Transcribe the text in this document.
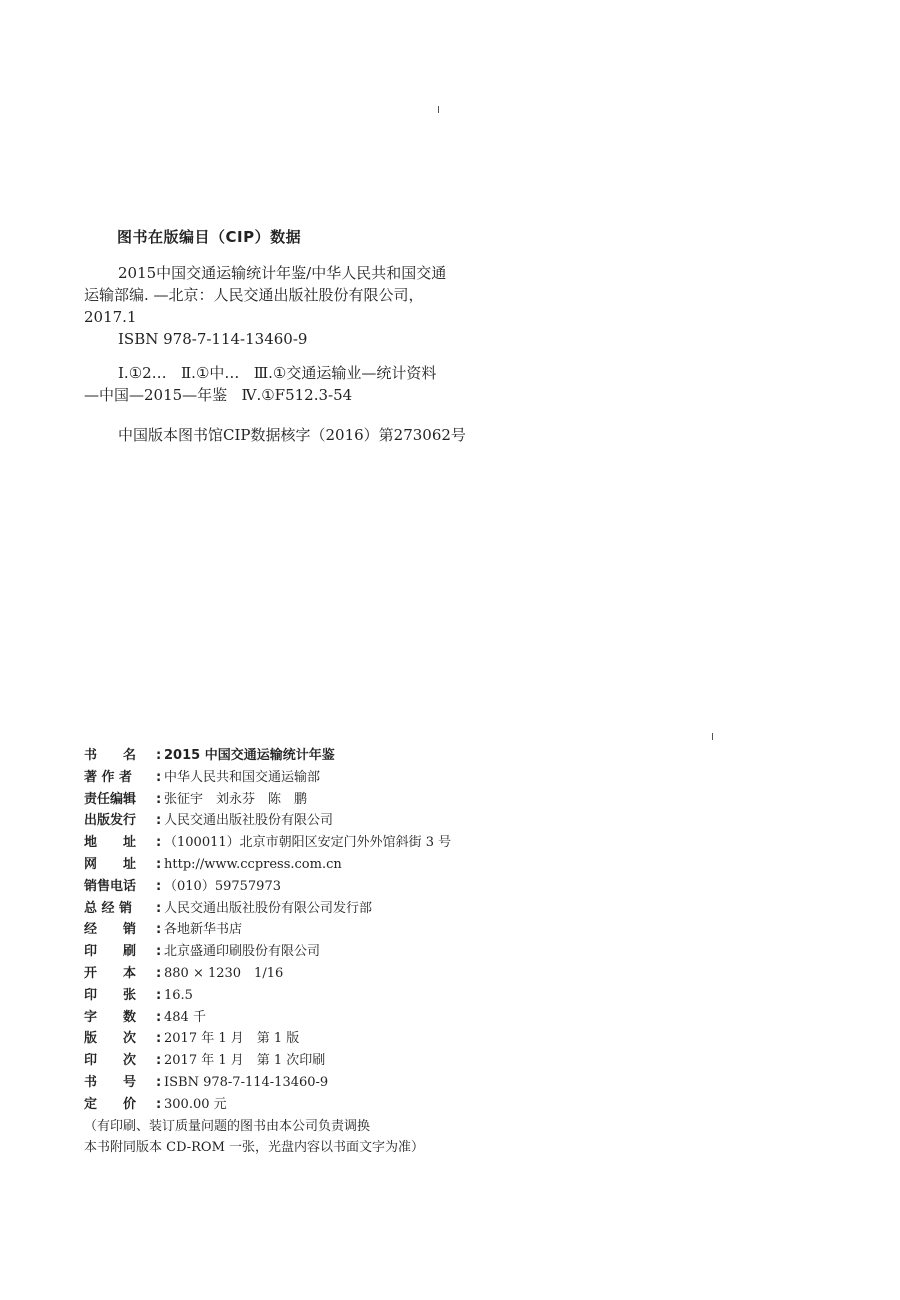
图书在版编目（CIP）数据
2015中国交通运输统计年鉴/中华人民共和国交通
运输部编. —北京：人民交通出版社股份有限公司，
2017.1
ISBN 978-7-114-13460-9
Ⅰ.①2…   Ⅱ.①中…   Ⅲ.①交通运输业—统计资料
—中国—2015—年鉴   Ⅳ.①F512.3-54
中国版本图书馆CIP数据核字（2016）第273062号
书　　名 : 2015 中国交通运输统计年鉴
著 作 者 : 中华人民共和国交通运输部
责任编辑 : 张征宇　刘永芬　陈　鹏
出版发行 : 人民交通出版社股份有限公司
地　　址 : （100011）北京市朝阳区安定门外外馆斜街 3 号
网　　址 : http://www.ccpress.com.cn
销售电话 : （010）59757973
总 经 销 : 人民交通出版社股份有限公司发行部
经　　销 : 各地新华书店
印　　刷 : 北京盛通印刷股份有限公司
开　　本 : 880 × 1230　1/16
印　　张 : 16.5
字　　数 : 484 千
版　　次 : 2017 年 1 月　第 1 版
印　　次 : 2017 年 1 月　第 1 次印刷
书　　号 : ISBN 978-7-114-13460-9
定　　价 : 300.00 元
（有印刷、装订质量问题的图书由本公司负责调换
本书附同版本 CD-ROM 一张，光盘内容以书面文字为准）
